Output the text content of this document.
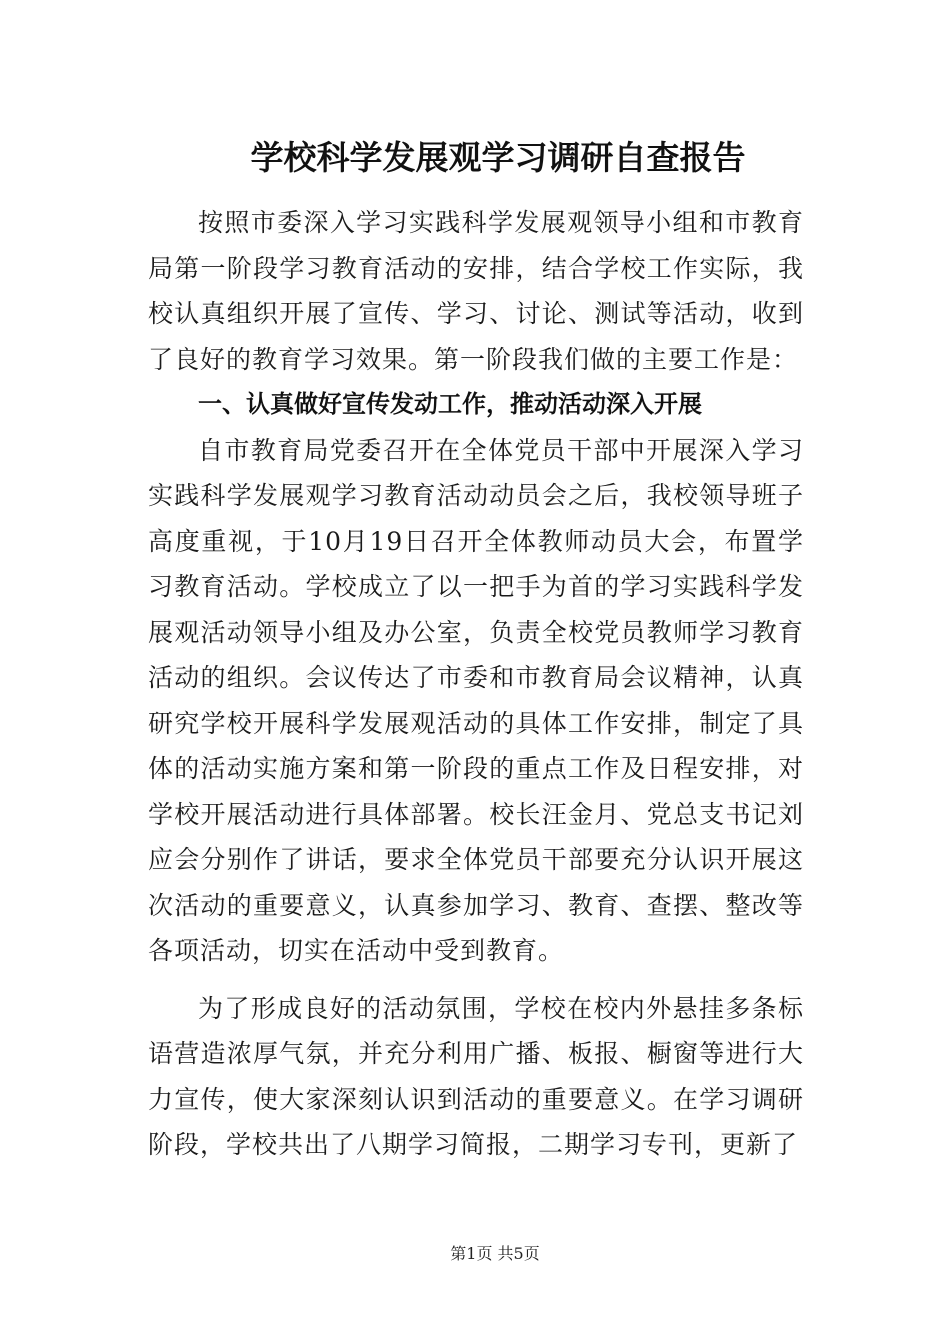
学校科学发展观学习调研自查报告

按照市委深入学习实践科学发展观领导小组和市教育局第一阶段学习教育活动的安排，结合学校工作实际，我校认真组织开展了宣传、学习、讨论、测试等活动，收到了良好的教育学习效果。第一阶段我们做的主要工作是：

一、认真做好宣传发动工作，推动活动深入开展

自市教育局党委召开在全体党员干部中开展深入学习实践科学发展观学习教育活动动员会之后，我校领导班子高度重视，于10月19日召开全体教师动员大会，布置学习教育活动。学校成立了以一把手为首的学习实践科学发展观活动领导小组及办公室，负责全校党员教师学习教育活动的组织。会议传达了市委和市教育局会议精神，认真研究学校开展科学发展观活动的具体工作安排，制定了具体的活动实施方案和第一阶段的重点工作及日程安排，对学校开展活动进行具体部署。校长汪金月、党总支书记刘应会分别作了讲话，要求全体党员干部要充分认识开展这次活动的重要意义，认真参加学习、教育、查摆、整改等各项活动，切实在活动中受到教育。

为了形成良好的活动氛围，学校在校内外悬挂多条标语营造浓厚气氛，并充分利用广播、板报、橱窗等进行大力宣传，使大家深刻认识到活动的重要意义。在学习调研阶段，学校共出了八期学习简报，二期学习专刊，更新了

第1页 共5页
